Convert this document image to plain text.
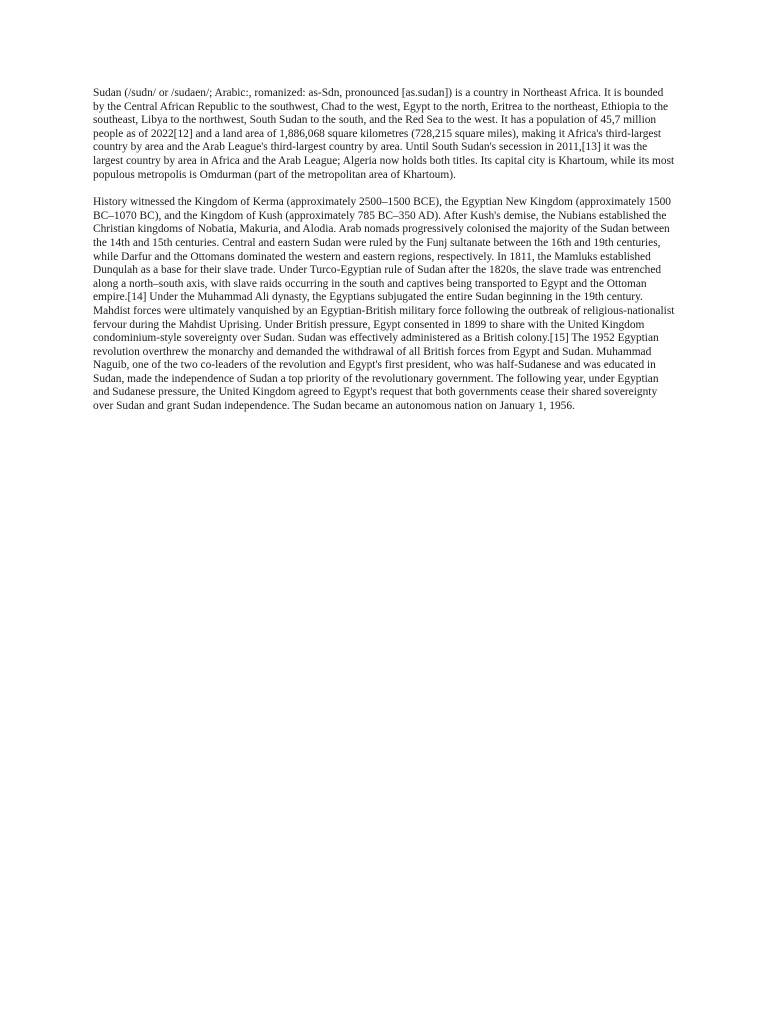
Sudan (/sudn/ or /sudaen/; Arabic:, romanized: as-Sdn, pronounced [as.sudan]) is a country in Northeast Africa. It is bounded by the Central African Republic to the southwest, Chad to the west, Egypt to the north, Eritrea to the northeast, Ethiopia to the southeast, Libya to the northwest, South Sudan to the south, and the Red Sea to the west. It has a population of 45,7 million people as of 2022[12] and a land area of 1,886,068 square kilometres (728,215 square miles), making it Africa's third-largest country by area and the Arab League's third-largest country by area. Until South Sudan's secession in 2011,[13] it was the largest country by area in Africa and the Arab League; Algeria now holds both titles. Its capital city is Khartoum, while its most populous metropolis is Omdurman (part of the metropolitan area of Khartoum).

History witnessed the Kingdom of Kerma (approximately 2500–1500 BCE), the Egyptian New Kingdom (approximately 1500 BC–1070 BC), and the Kingdom of Kush (approximately 785 BC–350 AD). After Kush's demise, the Nubians established the Christian kingdoms of Nobatia, Makuria, and Alodia. Arab nomads progressively colonised the majority of the Sudan between the 14th and 15th centuries. Central and eastern Sudan were ruled by the Funj sultanate between the 16th and 19th centuries, while Darfur and the Ottomans dominated the western and eastern regions, respectively. In 1811, the Mamluks established Dunqulah as a base for their slave trade. Under Turco-Egyptian rule of Sudan after the 1820s, the slave trade was entrenched along a north–south axis, with slave raids occurring in the south and captives being transported to Egypt and the Ottoman empire.[14] Under the Muhammad Ali dynasty, the Egyptians subjugated the entire Sudan beginning in the 19th century. Mahdist forces were ultimately vanquished by an Egyptian-British military force following the outbreak of religious-nationalist fervour during the Mahdist Uprising. Under British pressure, Egypt consented in 1899 to share with the United Kingdom condominium-style sovereignty over Sudan. Sudan was effectively administered as a British colony.[15] The 1952 Egyptian revolution overthrew the monarchy and demanded the withdrawal of all British forces from Egypt and Sudan. Muhammad Naguib, one of the two co-leaders of the revolution and Egypt's first president, who was half-Sudanese and was educated in Sudan, made the independence of Sudan a top priority of the revolutionary government. The following year, under Egyptian and Sudanese pressure, the United Kingdom agreed to Egypt's request that both governments cease their shared sovereignty over Sudan and grant Sudan independence. The Sudan became an autonomous nation on January 1, 1956.
